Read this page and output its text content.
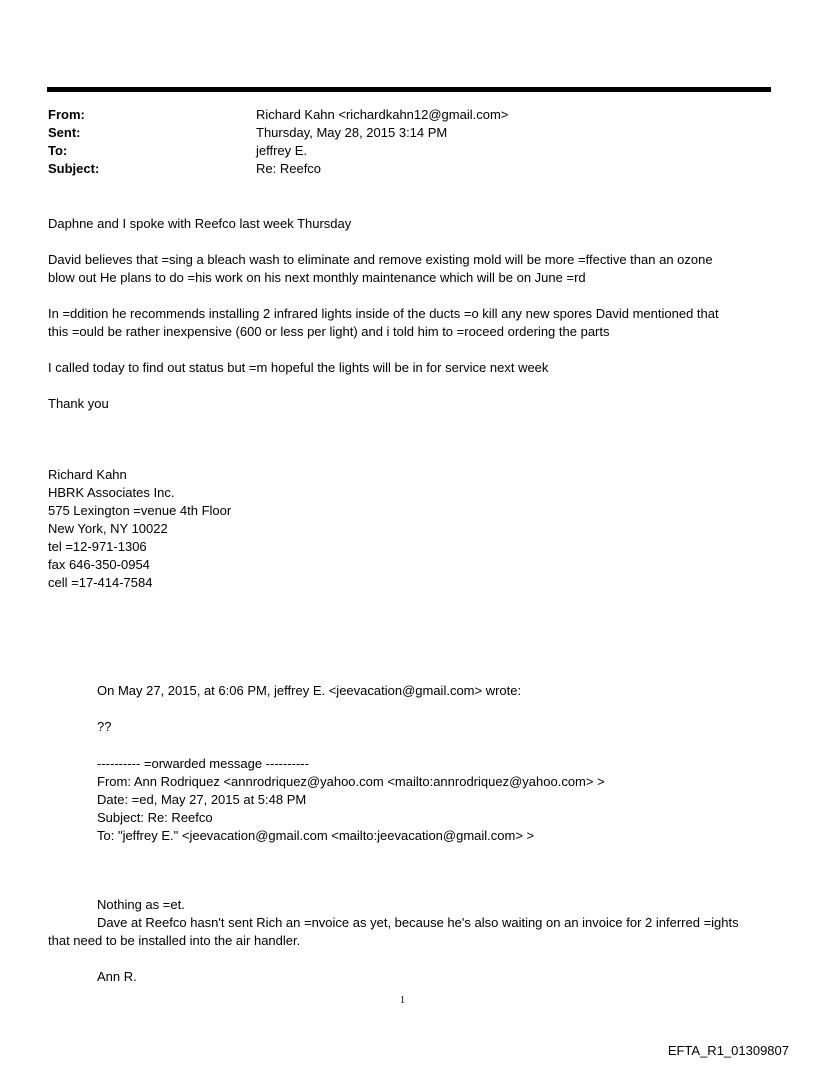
From:	Richard Kahn <richardkahn12@gmail.com>
Sent:	Thursday, May 28, 2015 3:14 PM
To:	jeffrey E.
Subject:	Re: Reefco
Daphne and I spoke with Reefco last week Thursday
David believes that =sing a bleach wash to eliminate and remove existing mold will be more =ffective than an ozone
blow out He plans to do =his work on his next monthly maintenance which will be on June =rd
In =ddition he recommends installing 2 infrared lights inside of the ducts =o kill any new spores David mentioned that
this =ould be rather inexpensive (600 or less per light) and i told him to =roceed ordering the parts
I called today to find out status but =m hopeful the lights will be in for service next week
Thank you
Richard Kahn
HBRK Associates Inc.
575 Lexington =venue 4th Floor
New York, NY 10022
tel =12-971-1306
fax 646-350-0954
cell =17-414-7584
On May 27, 2015, at 6:06 PM, jeffrey E. <jeevacation@gmail.com> wrote:
??
---------- =orwarded message ----------
From: Ann Rodriquez <annrodriquez@yahoo.com <mailto:annrodriquez@yahoo.com> >
Date: =ed, May 27, 2015 at 5:48 PM
Subject: Re: Reefco
To: "jeffrey E." <jeevacation@gmail.com <mailto:jeevacation@gmail.com> >
Nothing as =et.
Dave at Reefco hasn't sent Rich an =nvoice as yet, because he's also waiting on an invoice for 2 inferred =ights
that need to be installed into the air handler.
Ann R.
1
EFTA_R1_01309807
